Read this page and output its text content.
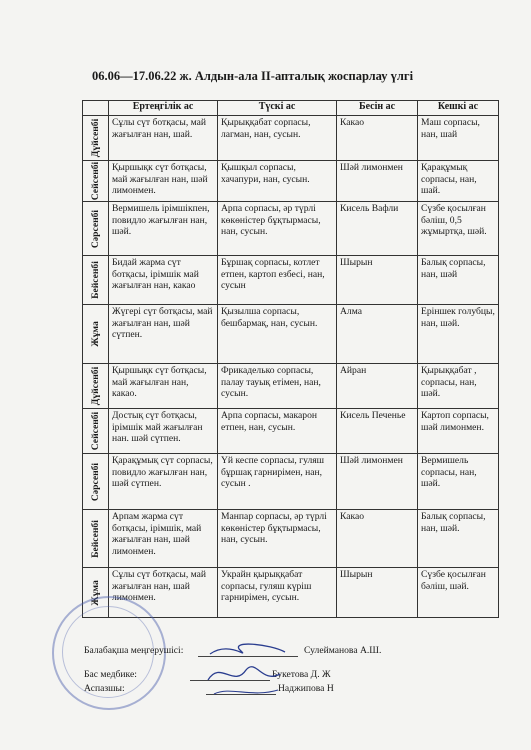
06.06—17.06.22 ж. Алдын-ала ІІ-апталық жоспарлау үлгі
	Ертеңгілік ас	Түскі ас	Бесін ас	Кешкі ас

Дүйсенбі	Сұлы сүт ботқасы, май жағылған нан, шай.	Қырыққабат сорпасы, лагман, нан, сусын.	Какао	Маш сорпасы, нан, шай

Сейсенбі	Қыршықк сүт ботқасы, май жағылған нан, шәй лимонмен.	Қышқыл сорпасы, хачапури, нан, сусын.	Шәй лимонмен	Қарақұмық сорпасы, нан, шай.

Сәрсенбі	Вермишель ірімшікпен, повидло жағылған нан, шәй.	Арпа сорпасы, әр түрлі көкөністер бұқтырмасы, нан, сусын.	Кисель Вафли	Сүзбе қосылған бәліш, 0,5 жұмыртқа, шәй.

Бейсенбі	Бидай жарма сүт ботқасы, ірімшік май жағылған нан, какао	Бұршақ сорпасы, котлет етпен, картоп езбесі, нан, сусын	Шырын	Балық сорпасы, нан, шәй

Жұма	Жүгері сүт ботқасы, май жағылған нан, шәй сүтпен.	Қызылша сорпасы, бешбармақ, нан, сусын.	Алма	Еріншек голубцы, нан, шәй.

Дүйсенбі	Қыршықк сүт ботқасы, май жағылған нан, какао.	Фрикаделько сорпасы, палау тауық етімен, нан, сусын.	Айран	Қырыққабат , сорпасы, нан, шәй.

Сейсенбі	Достық сүт ботқасы, ірімшік май жағылған нан. шәй сүтпен.	Арпа сорпасы, макарон етпен, нан, сусын.	Кисель Печенье	Картоп сорпасы, шәй лимонмен.

Сәрсенбі	Қарақұмық сүт сорпасы, повидло жағылған нан, шәй сүтпен.	Үй кеспе сорпасы, гуляш бұршақ гарнирімен, нан, сусын .	Шәй лимонмен	Вермишель сорпасы, нан, шәй.

Бейсенбі	Арпам жарма сүт ботқасы, ірімшік, май жағылған нан, шәй лимонмен.	Манпар сорпасы, әр түрлі көкөністер бұқтырмасы, нан, сусын.	Какао	Балық сорпасы, нан, шәй.

Жұма	Сұлы сүт ботқасы, май жағылған нан, шай лимонмен.	Украйн қырыққабат сорпасы, гуляш күріш гарнирімен, сусын.	Шырын	Сүзбе қосылған бәліш, шәй.
Балабақша меңгерушісі:	Сулейманова А.Ш.
Бас медбике:	Букетова Д. Ж
Аспазшы:	Наджипова Н
